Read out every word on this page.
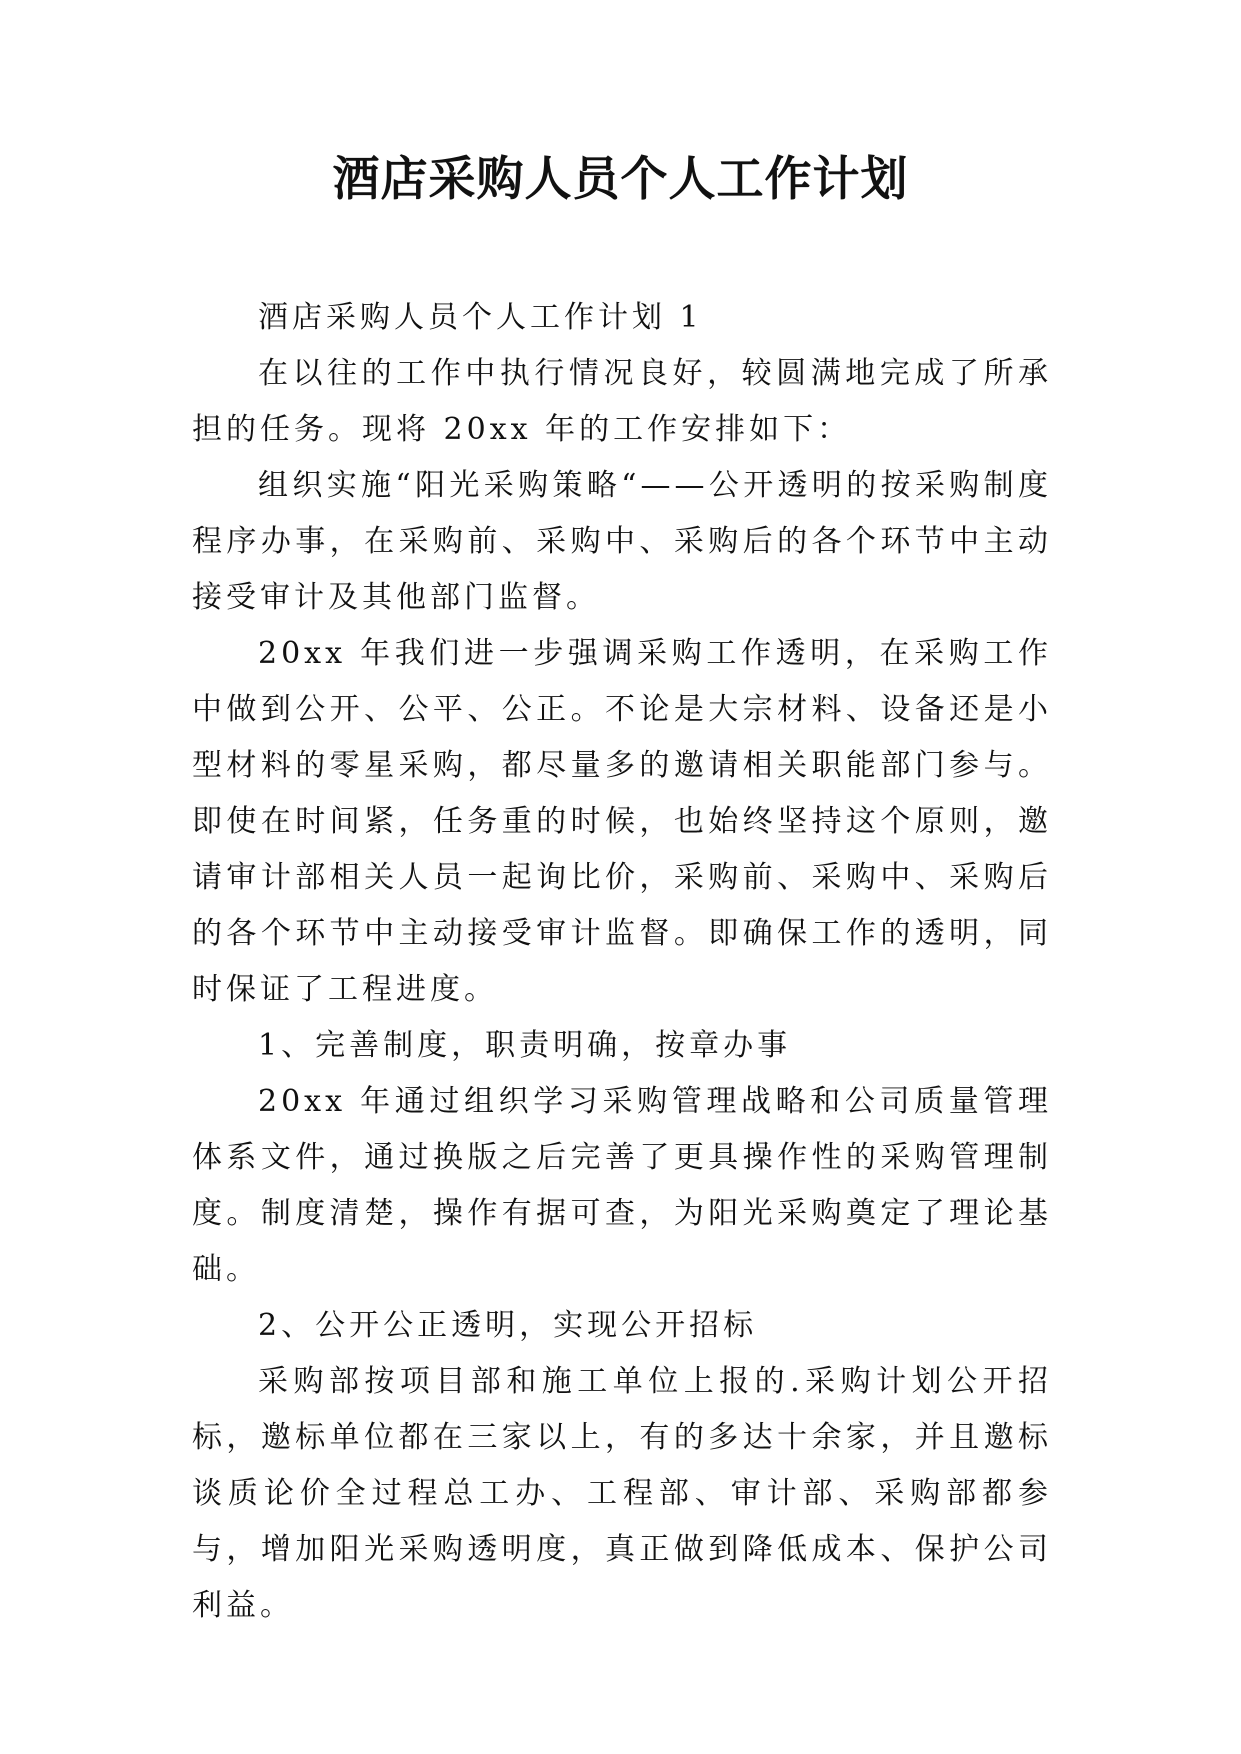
酒店采购人员个人工作计划

酒店采购人员个人工作计划 1

在以往的工作中执行情况良好，较圆满地完成了所承担的任务。现将 20xx 年的工作安排如下：

组织实施“阳光采购策略“——公开透明的按采购制度程序办事，在采购前、采购中、采购后的各个环节中主动接受审计及其他部门监督。

20xx 年我们进一步强调采购工作透明，在采购工作中做到公开、公平、公正。不论是大宗材料、设备还是小型材料的零星采购，都尽量多的邀请相关职能部门参与。即使在时间紧，任务重的时候，也始终坚持这个原则，邀请审计部相关人员一起询比价，采购前、采购中、采购后的各个环节中主动接受审计监督。即确保工作的透明，同时保证了工程进度。

1、完善制度，职责明确，按章办事

20xx 年通过组织学习采购管理战略和公司质量管理体系文件，通过换版之后完善了更具操作性的采购管理制度。制度清楚，操作有据可查，为阳光采购奠定了理论基础。

2、公开公正透明，实现公开招标

采购部按项目部和施工单位上报的.采购计划公开招标，邀标单位都在三家以上，有的多达十余家，并且邀标谈质论价全过程总工办、工程部、审计部、采购部都参与，增加阳光采购透明度，真正做到降低成本、保护公司利益。
